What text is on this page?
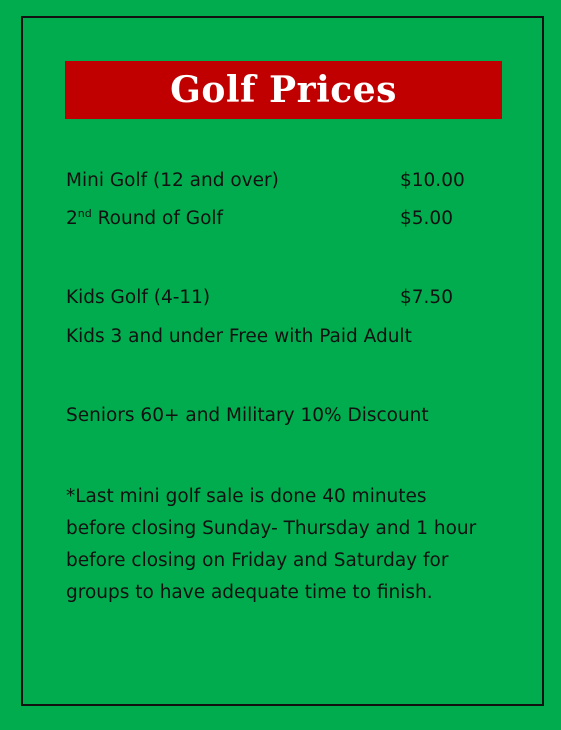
Golf Prices
Mini Golf (12 and over)	$10.00
2nd Round of Golf	$5.00
Kids Golf (4-11)	$7.50
Kids 3 and under Free with Paid Adult
Seniors 60+ and Military 10% Discount
*Last mini golf sale is done 40 minutes
before closing Sunday- Thursday and 1 hour
before closing on Friday and Saturday for
groups to have adequate time to finish.
